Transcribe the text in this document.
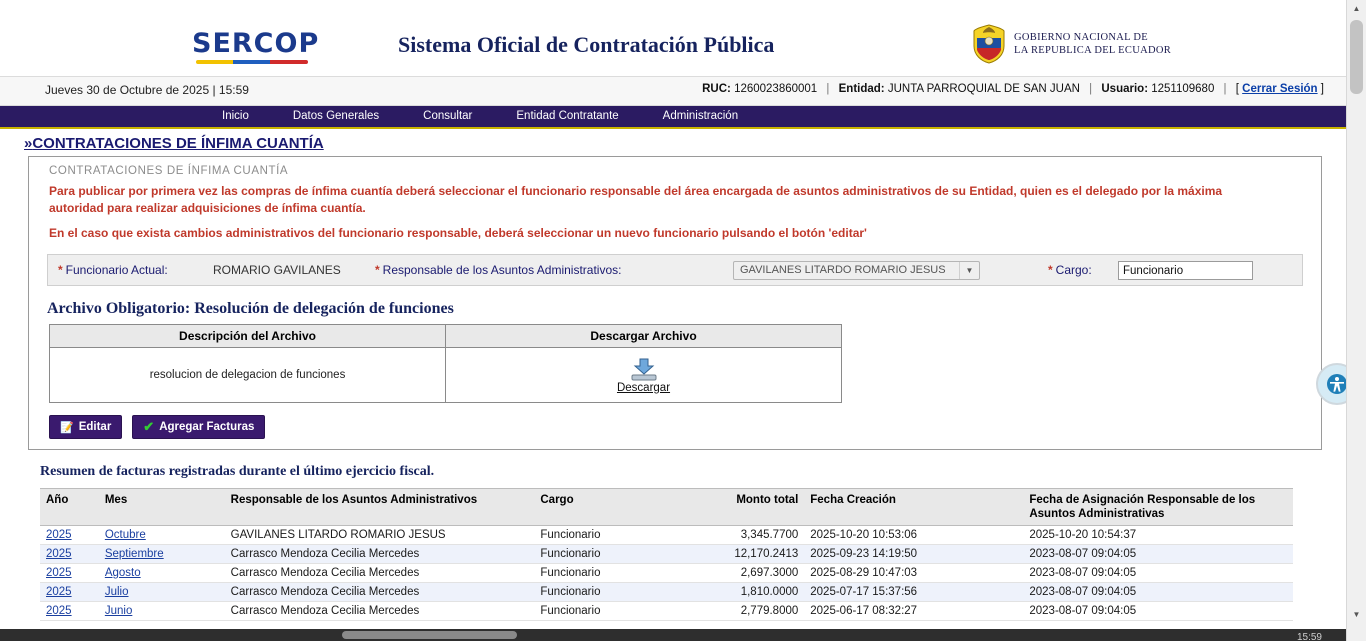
SERCOP	Sistema Oficial de Contratación Pública	GOBIERNO NACIONAL DE
LA REPUBLICA DEL ECUADOR
Jueves 30 de Octubre de 2025 | 15:59	RUC: 1260023860001 | Entidad: JUNTA PARROQUIAL DE SAN JUAN | Usuario: 1251109680 | [ Cerrar Sesión ]
Inicio	Datos Generales	Consultar	Entidad Contratante	Administración
»CONTRATACIONES DE ÍNFIMA CUANTÍA
CONTRATACIONES DE ÍNFIMA CUANTÍA
Para publicar por primera vez las compras de ínfima cuantía deberá seleccionar el funcionario responsable del área encargada de asuntos administrativos de su Entidad, quien es el delegado por la máxima autoridad para realizar adquisiciones de ínfima cuantía.
En el caso que exista cambios administrativos del funcionario responsable, deberá seleccionar un nuevo funcionario pulsando el botón 'editar'
* Funcionario Actual:	ROMARIO GAVILANES	* Responsable de los Asuntos Administrativos:	GAVILANES LITARDO ROMARIO JESUS	▼	* Cargo:	Funcionario
Archivo Obligatorio: Resolución de delegación de funciones
Descripción del Archivo	Descargar Archivo
resolucion de delegacion de funciones	Descargar
📝 Editar ✔ Agregar Facturas
Resumen de facturas registradas durante el último ejercicio fiscal.
Año	Mes	Responsable de los Asuntos Administrativos	Cargo	Monto total	Fecha Creación	Fecha de Asignación Responsable de los Asuntos Administrativas
2025	Octubre	GAVILANES LITARDO ROMARIO JESUS	Funcionario	3,345.7700	2025-10-20 10:53:06	2025-10-20 10:54:37
2025	Septiembre	Carrasco Mendoza Cecilia Mercedes	Funcionario	12,170.2413	2025-09-23 14:19:50	2023-08-07 09:04:05
2025	Agosto	Carrasco Mendoza Cecilia Mercedes	Funcionario	2,697.3000	2025-08-29 10:47:03	2023-08-07 09:04:05
2025	Julio	Carrasco Mendoza Cecilia Mercedes	Funcionario	1,810.0000	2025-07-17 15:37:56	2023-08-07 09:04:05
2025	Junio	Carrasco Mendoza Cecilia Mercedes	Funcionario	2,779.8000	2025-06-17 08:32:27	2023-08-07 09:04:05
▲
▼
15:59
